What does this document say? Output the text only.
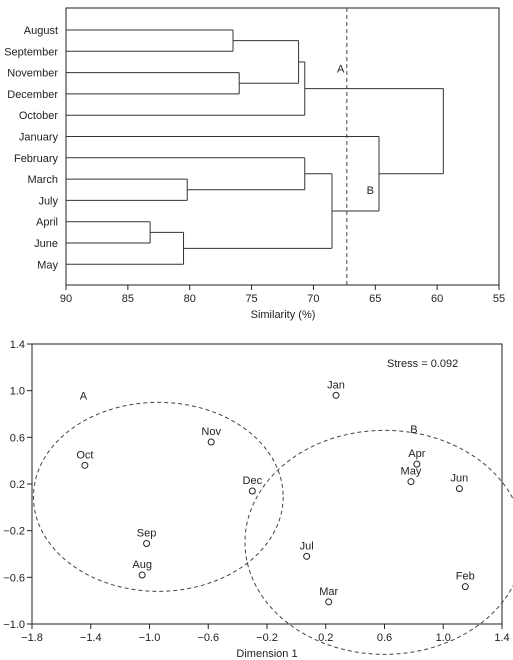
August
September
November
December
October
January
February
March
July
April
June
May
A
B
90	85	80	75	70	65	60	55
Similarity (%)
−1.8	−1.4	−1.0	−0.6	−0.2	0.2	0.6	1.0	1.4
−1.0
−0.6
−0.2
0.2
0.6
1.0
1.4
A
B
Jan
Apr
May
Jun
Jul
Mar
Feb
Nov
Oct
Dec
Sep
Aug
Stress = 0.092
Dimension 1
